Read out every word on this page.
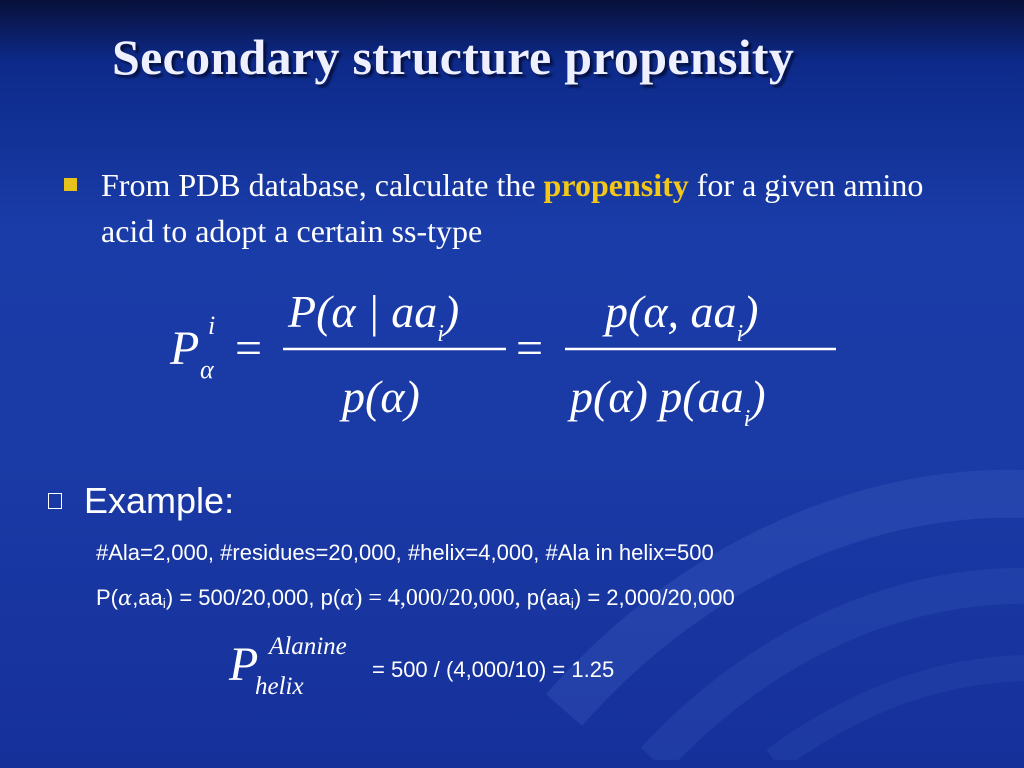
Secondary structure propensity
From PDB database, calculate the propensity for a given amino acid to adopt a certain ss-type
P i
α =
P(α | $aa_i$)
p(α)
=
p(α, $aa_i$)
p(α) $p(aa_i)$
Example:
#Ala=2,000, #residues=20,000, #helix=4,000, #Ala in helix=500
$P(\alpha,aa_i) = 500/20,000$, p(α) = 4,000/20,000, $p(aa_i) = 2,000/20,000$
P Alanine
helix
= 500 / (4,000/10) = 1.25
